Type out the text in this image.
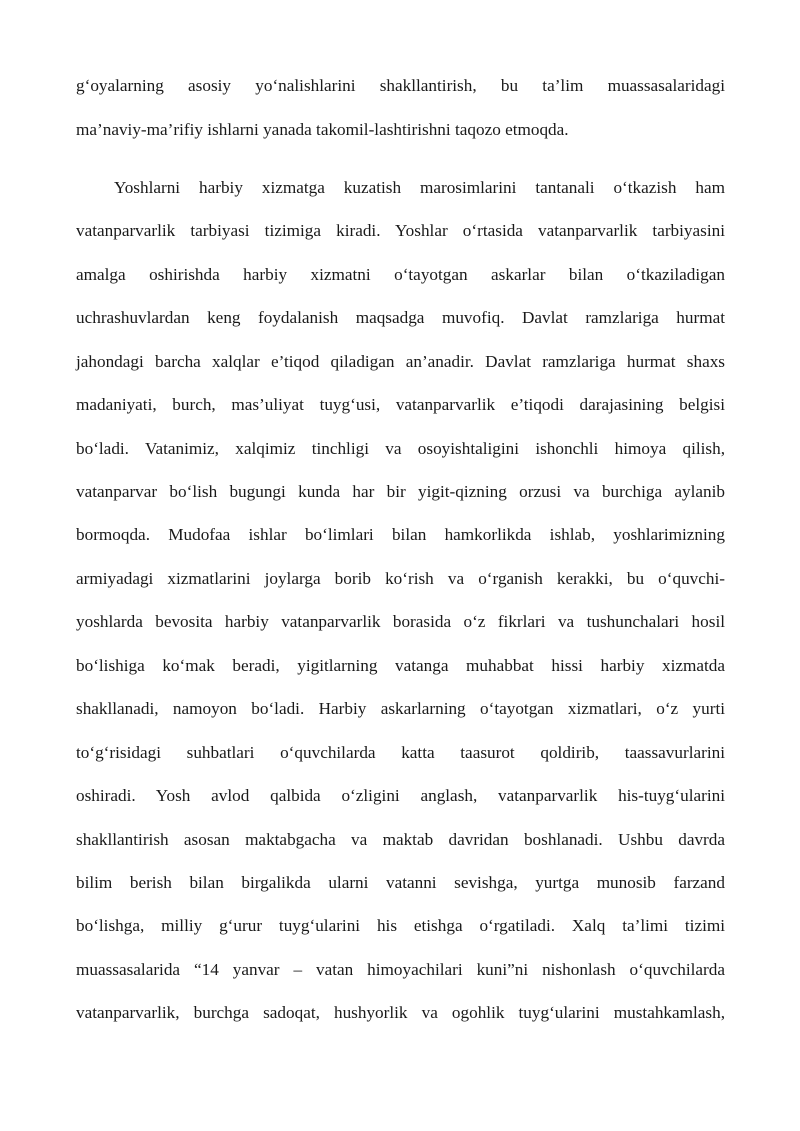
g‘oyalarning asosiy yo‘nalishlarini shakllantirish, bu ta’lim muassasalaridagi
ma’naviy-ma’rifiy ishlarni yanada takomil-lashtirishni taqozo etmoqda.
Yoshlarni harbiy xizmatga kuzatish marosimlarini tantanali o‘tkazish ham
vatanparvarlik tarbiyasi tizimiga kiradi. Yoshlar o‘rtasida vatanparvarlik tarbiyasini
amalga oshirishda harbiy xizmatni o‘tayotgan askarlar bilan o‘tkaziladigan
uchrashuvlardan keng foydalanish maqsadga muvofiq. Davlat ramzlariga hurmat
jahondagi barcha xalqlar e’tiqod qiladigan an’anadir. Davlat ramzlariga hurmat shaxs
madaniyati, burch, mas’uliyat tuyg‘usi, vatanparvarlik e’tiqodi darajasining belgisi
bo‘ladi. Vatanimiz, xalqimiz tinchligi va osoyishtaligini ishonchli himoya qilish,
vatanparvar bo‘lish bugungi kunda har bir yigit-qizning orzusi va burchiga aylanib
bormoqda. Mudofaa ishlar bo‘limlari bilan hamkorlikda ishlab, yoshlarimizning
armiyadagi xizmatlarini joylarga borib ko‘rish va o‘rganish kerakki, bu o‘quvchi-
yoshlarda bevosita harbiy vatanparvarlik borasida o‘z fikrlari va tushunchalari hosil
bo‘lishiga ko‘mak beradi, yigitlarning vatanga muhabbat hissi harbiy xizmatda
shakllanadi, namoyon bo‘ladi. Harbiy askarlarning o‘tayotgan xizmatlari, o‘z yurti
to‘g‘risidagi suhbatlari o‘quvchilarda katta taasurot qoldirib, taassavurlarini
oshiradi. Yosh avlod qalbida o‘zligini anglash, vatanparvarlik his-tuyg‘ularini
shakllantirish asosan maktabgacha va maktab davridan boshlanadi. Ushbu davrda
bilim berish bilan birgalikda ularni vatanni sevishga, yurtga munosib farzand
bo‘lishga, milliy g‘urur tuyg‘ularini his etishga o‘rgatiladi. Xalq ta’limi tizimi
muassasalarida “14 yanvar – vatan himoyachilari kuni”ni nishonlash o‘quvchilarda
vatanparvarlik, burchga sadoqat, hushyorlik va ogohlik tuyg‘ularini mustahkamlash,
